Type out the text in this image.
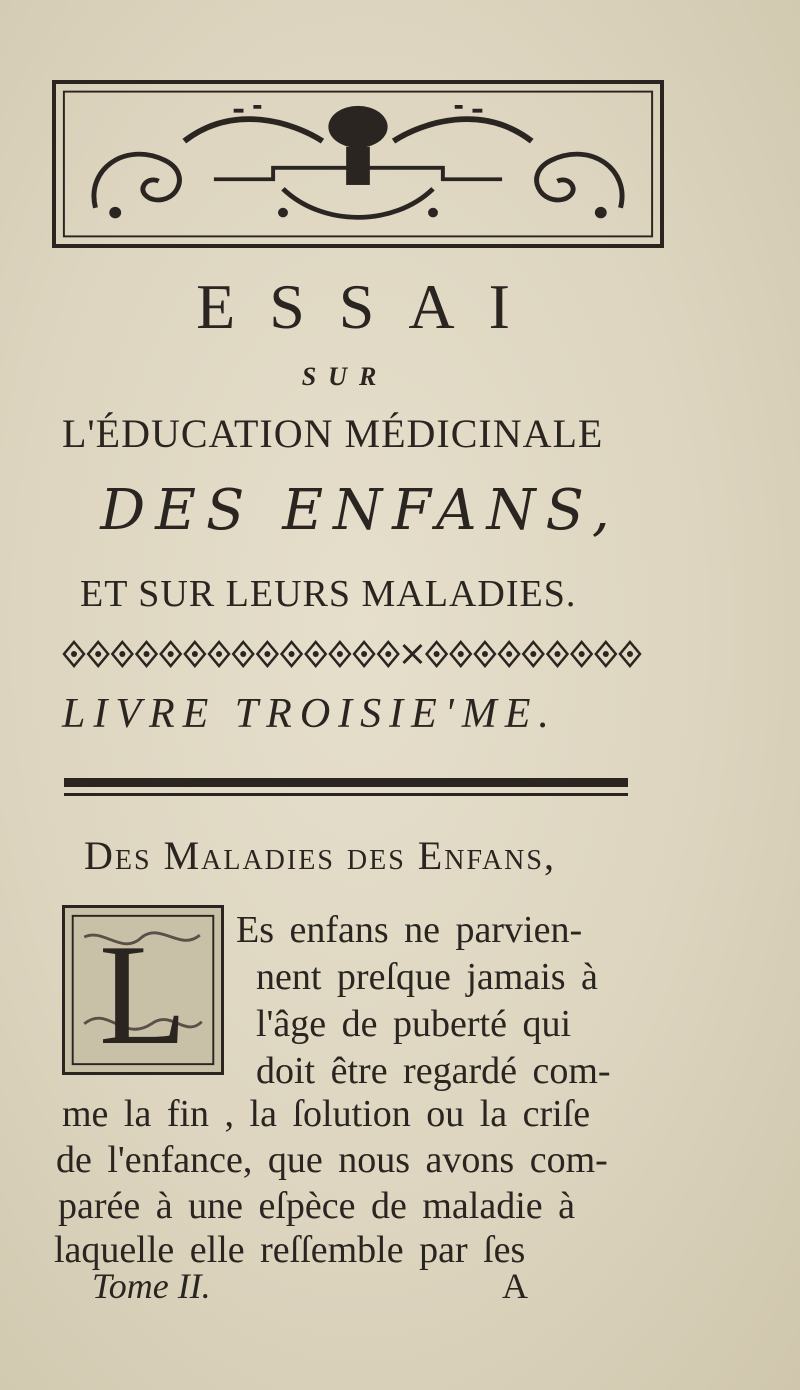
ESSAI
SUR
L'ÉDUCATION MÉDICINALE
DES ENFANS,
ET SUR LEURS MALADIES.
LIVRE TROISIE'ME.
Des Maladies des Enfans,
L Es enfans ne parvien-
nent preſque jamais à
l'âge de puberté qui
doit être regardé com-
me la fin , la ſolution ou la criſe
de l'enfance, que nous avons com-
parée à une eſpèce de maladie à
laquelle elle reſſemble par ſes
Tome II.	A
